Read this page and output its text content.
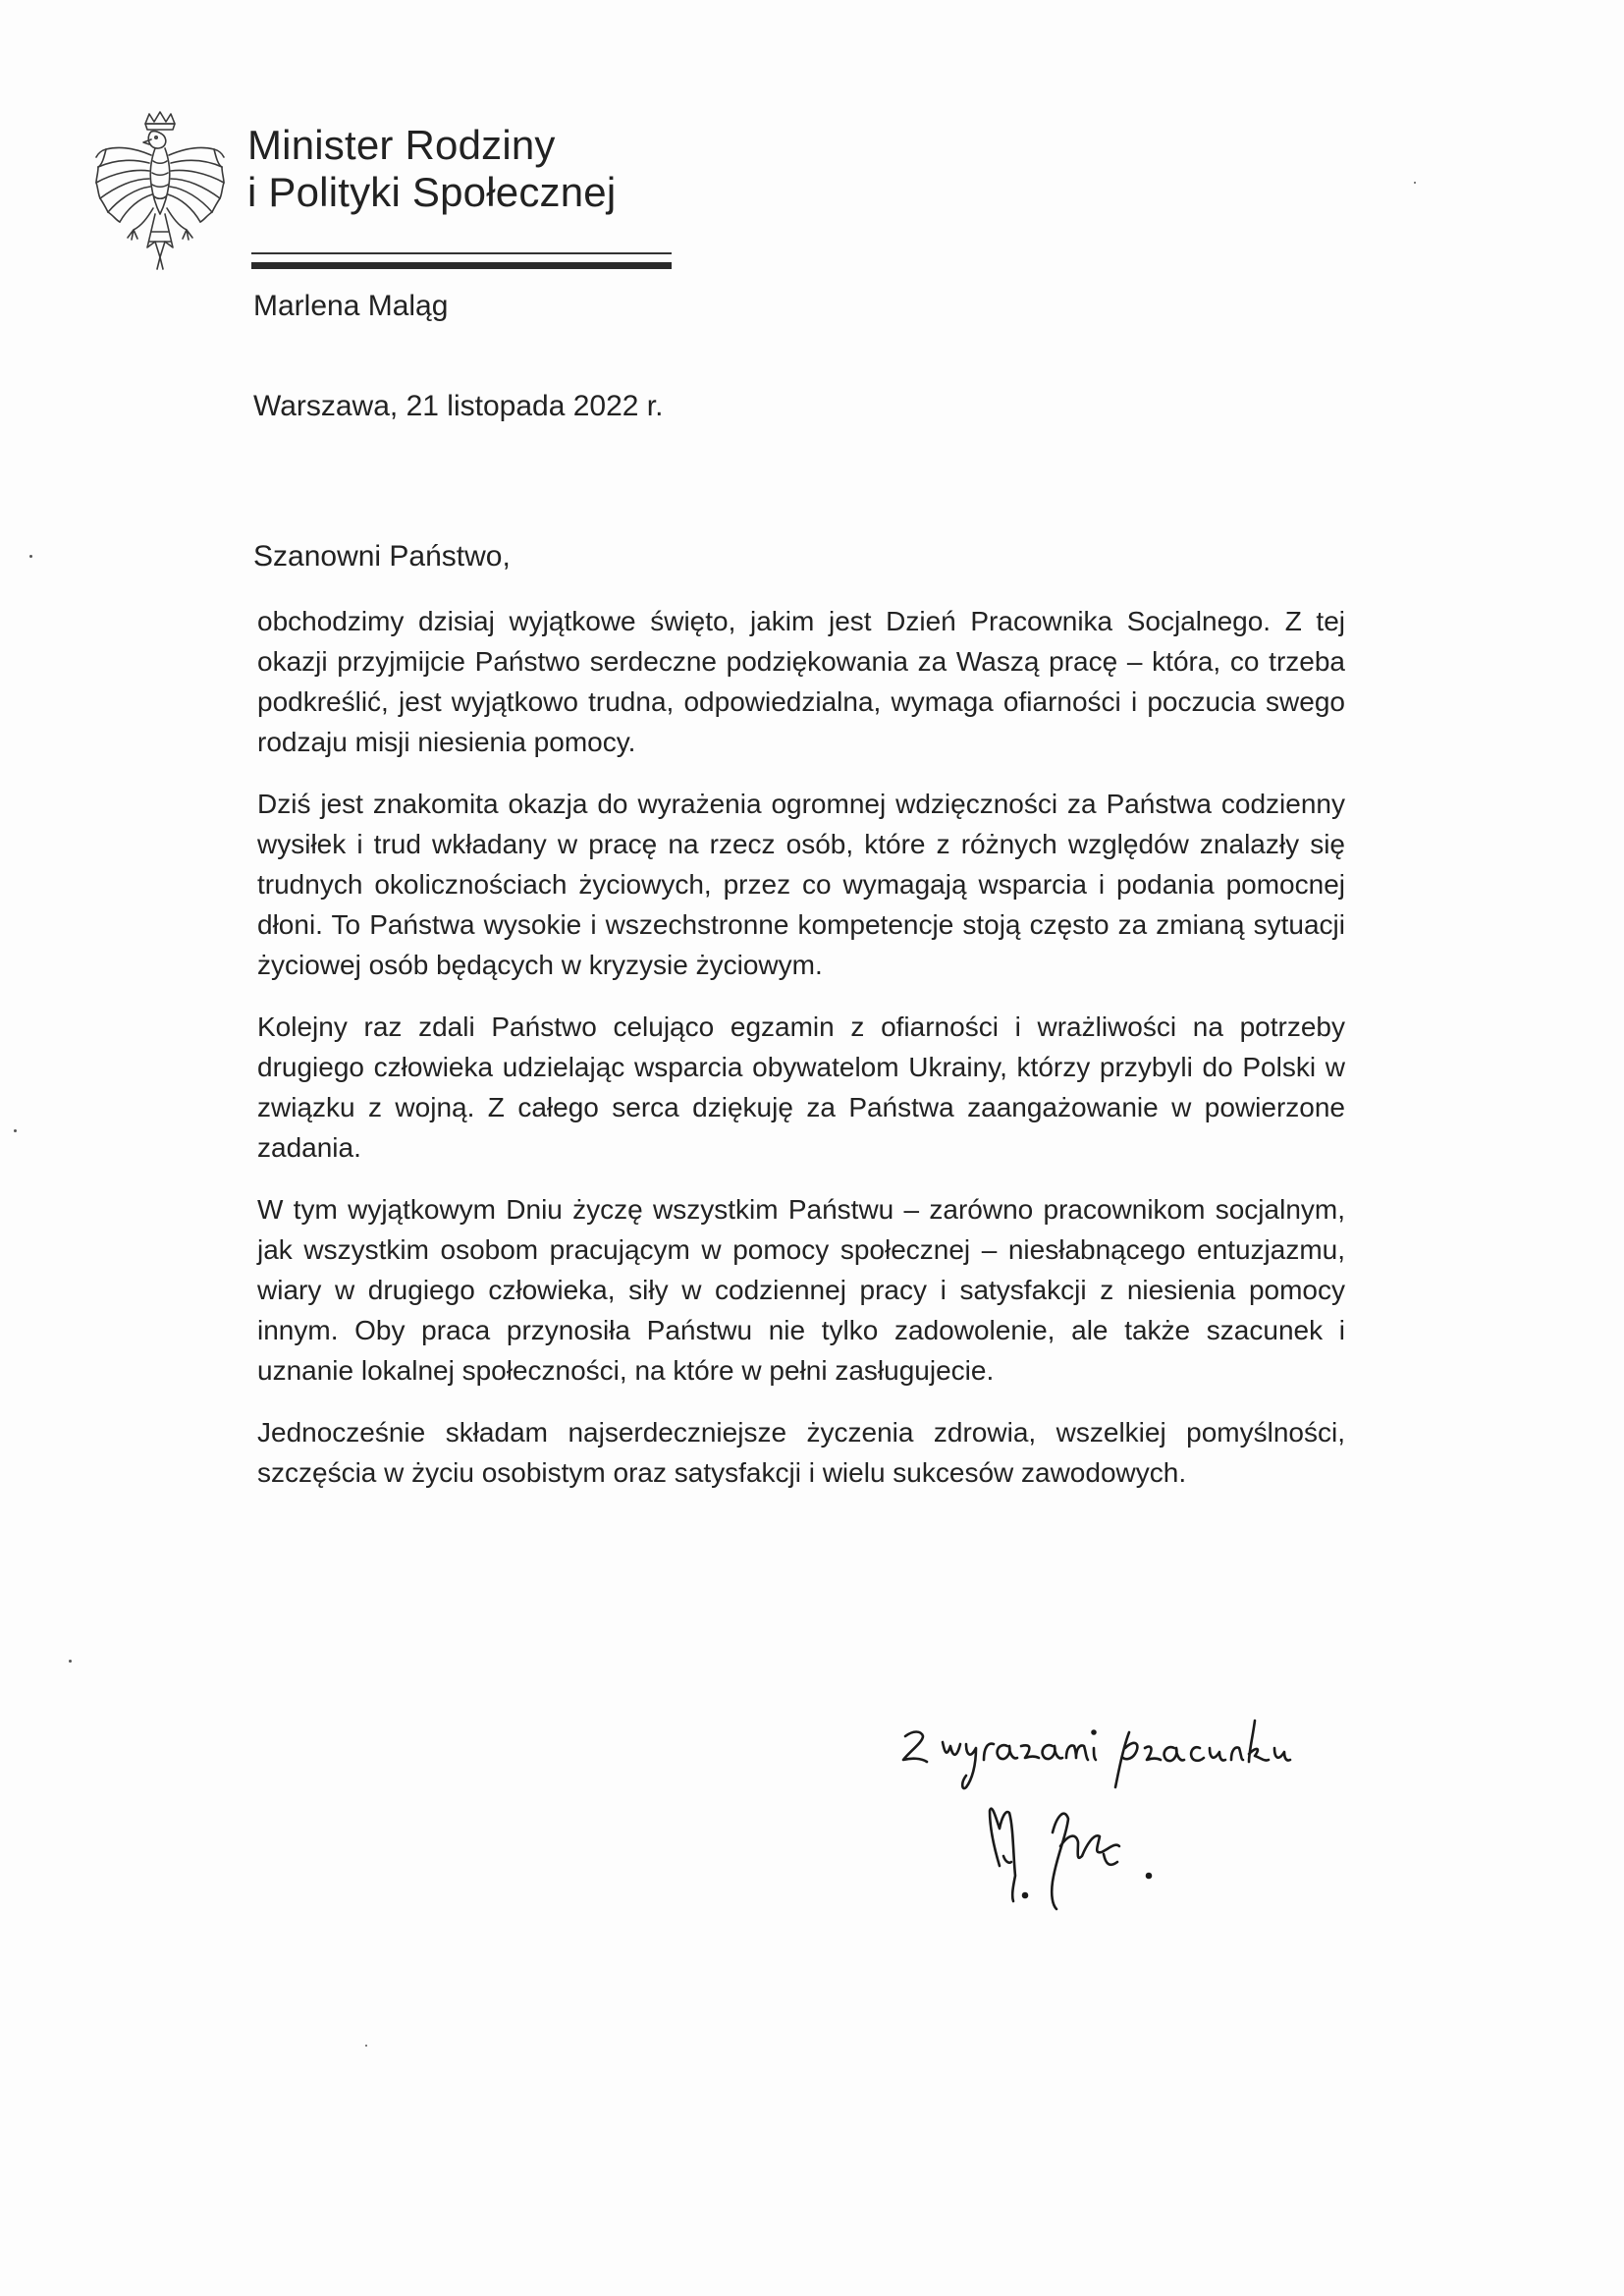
Minister Rodziny
i Polityki Społecznej
Marlena Maląg
Warszawa, 21 listopada 2022 r.
Szanowni Państwo,

obchodzimy dzisiaj wyjątkowe święto, jakim jest Dzień Pracownika Socjalnego. Z tej okazji przyjmijcie Państwo serdeczne podziękowania za Waszą pracę – która, co trzeba podkreślić, jest wyjątkowo trudna, odpowiedzialna, wymaga ofiarności i poczucia swego rodzaju misji niesienia pomocy.

Dziś jest znakomita okazja do wyrażenia ogromnej wdzięczności za Państwa codzienny wysiłek i trud wkładany w pracę na rzecz osób, które z różnych względów znalazły się trudnych okolicznościach życiowych, przez co wymagają wsparcia i podania pomocnej dłoni. To Państwa wysokie i wszechstronne kompetencje stoją często za zmianą sytuacji życiowej osób będących w kryzysie życiowym.

Kolejny raz zdali Państwo celująco egzamin z ofiarności i wrażliwości na potrzeby drugiego człowieka udzielając wsparcia obywatelom Ukrainy, którzy przybyli do Polski w związku z wojną. Z całego serca dziękuję za Państwa zaangażowanie w powierzone zadania.

W tym wyjątkowym Dniu życzę wszystkim Państwu – zarówno pracownikom socjalnym, jak wszystkim osobom pracującym w pomocy społecznej – niesłabnącego entuzjazmu, wiary w drugiego człowieka, siły w codziennej pracy i satysfakcji z niesienia pomocy innym. Oby praca przynosiła Państwu nie tylko zadowolenie, ale także szacunek i uznanie lokalnej społeczności, na które w pełni zasługujecie.

Jednocześnie składam najserdeczniejsze życzenia zdrowia, wszelkiej pomyślności, szczęścia w życiu osobistym oraz satysfakcji i wielu sukcesów zawodowych.
